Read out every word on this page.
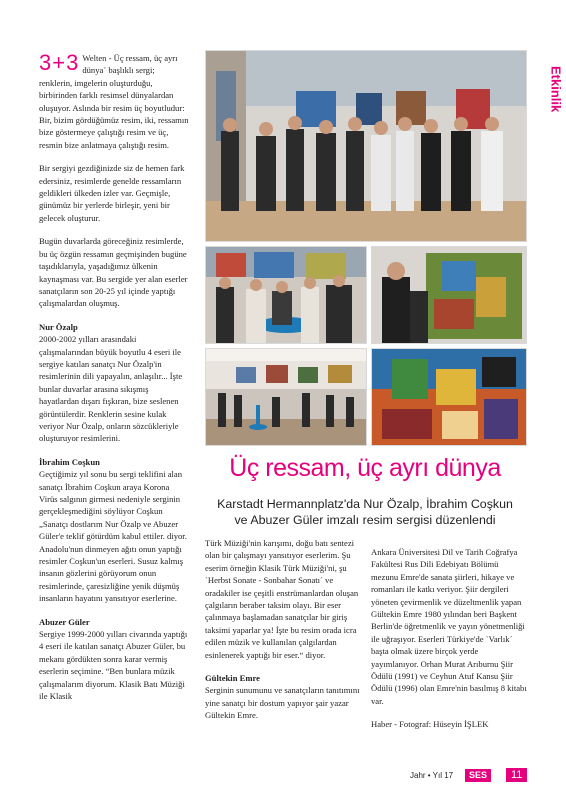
Etkinlik

3+3 Welten - Üç ressam, üç ayrı dünya´ başlıklı sergi; renklerin, imgelerin oluşturduğu, birbirinden farklı resimsel dünyalardan oluşuyor. Aslında bir resim üç boyutludur: Bir, bizim gördüğümüz resim, iki, ressamın bize göstermeye çalıştığı resim ve üç, resmin bize anlatmaya çalıştığı resim.

Bir sergiyi gezdiğinizde siz de hemen fark edersiniz, resimlerde genelde ressamların geldikleri ülkeden izler var. Geçmişle, günümüz bir yerlerde birleşir, yeni bir gelecek oluşturur.

Bugün duvarlarda göreceğiniz resimlerde, bu üç özgün ressamın geçmişinden bugüne taşıdıklarıyla, yaşadığımız ülkenin kaynaşması var. Bu sergide yer alan eserler sanatçıların son 20-25 yıl içinde yaptığı çalışmalardan oluşmuş.

Nur Özalp

2000-2002 yılları arasındaki çalışmalarından büyük boyutlu 4 eseri ile sergiye katılan sanatçı Nur Özalp'in resimlerinin dili yapayalın, anlaşılır... İşte bunlar duvarlar arasına sıkışmış hayatlardan dışarı fışkıran, bize seslenen görüntülerdir. Renklerin sesine kulak veriyor Nur Özalp, onların sözcükleriyle oluşturuyor resimlerini.

İbrahim Coşkun

Geçtiğimiz yıl sonu bu sergi teklifini alan sanatçı İbrahim Coşkun araya Korona Virüs salgının girmesi nedeniyle serginin gerçekleşmediğini söylüyor Coşkun „Sanatçı dostlarım Nur Özalp ve Abuzer Güler'e teklif götürdüm kabul ettiler. diyor. Anadolu'nun dinmeyen ağıtı onun yaptığı resimler Coşkun'un eserleri. Susuz kalmış insanın gözlerini görüyorum onun resimlerinde, çaresizliğine yenik düşmüş insanların hayatını yansıtıyor eserlerine.

Abuzer Güler

Sergiye 1999-2000 yılları civarında yaptığı 4 eseri ile katılan sanatçı Abuzer Güler, bu mekanı gördükten sonra karar vermiş eserlerin seçimine. “Ben bunlara müzik çalışmalarım diyorum. Klasik Batı Müziği ile Klasik

Üç ressam, üç ayrı dünya
Karstadt Hermannplatz'da Nur Özalp, İbrahim Coşkun ve Abuzer Güler imzalı resim sergisi düzenlendi

Türk Müziği'nin karışımı, doğu batı sentezi olan bir çalışmayı yansıtıyor eserlerim. Şu eserim örneğin Klasik Türk Müziği'ni, şu `Herbst Sonate - Sonbahar Sonatı´ ve oradakiler ise çeşitli enstrümanlardan oluşan çalgıların beraber taksim olayı. Bir eser çalınmaya başlamadan sanatçılar bir giriş taksimi yaparlar ya! İşte bu resim orada icra edilen müzik ve kullanılan çalgılardan esinlenerek yaptığı bir eser.“ diyor.

Gültekin Emre

Serginin sunumunu ve sanatçıların tanıtımını yine sanatçı bir dostum yapıyor şair yazar Gültekin Emre.

Ankara Üniversitesi Dil ve Tarih Coğrafya Fakültesi Rus Dili Edebiyatı Bölümü mezunu Emre'de sanata şiirleri, hikaye ve romanları ile katkı veriyor. Şiir dergileri yöneten çevirmenlik ve düzeltmenlik yapan Gültekin Emre 1980 yılından beri Başkent Berlin'de öğretmenlik ve yayın yönetmenliği ile uğraşıyor. Eserleri Türkiye'de `Varlık´ başta olmak üzere birçok yerde yayımlanıyor. Orhan Murat Arıburnu Şiir Ödülü (1991) ve Ceyhun Atuf Kansu Şiir Ödülü (1996) olan Emre'nin basılmış 8 kitabı var.

Haber - Fotograf: Hüseyin İŞLEK

Jahr • Yıl 17	SES	11
